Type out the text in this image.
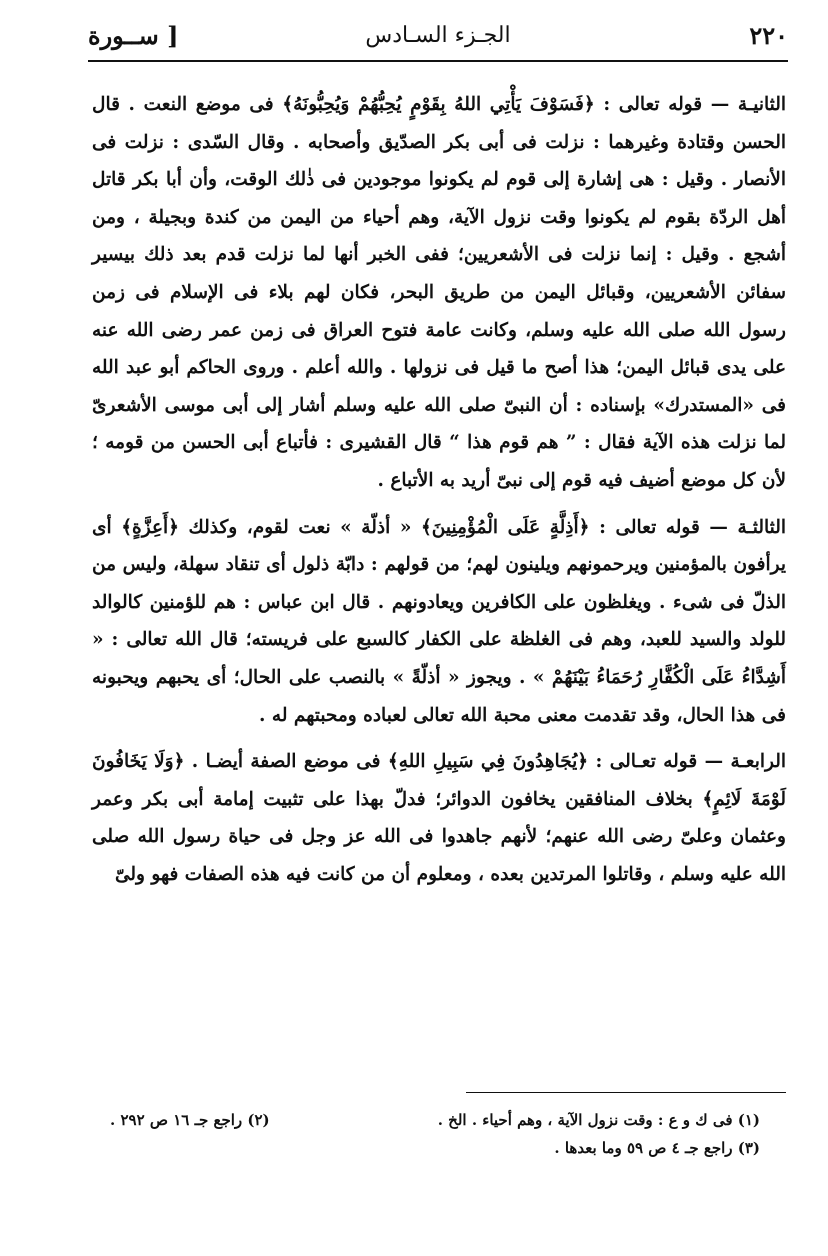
٢٢٠
الجـزء السـادس
[ ســورة

الثانيـة — قوله تعالى : ﴿فَسَوْفَ يَأْتِي اللهُ بِقَوْمٍ يُحِبُّهُمْ وَيُحِبُّونَهُ﴾ فى موضع النعت . قال الحسن وقتادة وغيرهما : نزلت فى أبى بكر الصدّيق وأصحابه . وقال السّدى : نزلت فى الأنصار . وقيل : هى إشارة إلى قوم لم يكونوا موجودين فى ذٰلك الوقت، وأن أبا بكر قاتل أهل الردّة بقوم لم يكونوا وقت نزول الآية، وهم أحياء من اليمن من كندة وبجيلة ، ومن أشجع . وقيل : إنما نزلت فى الأشعريين؛ ففى الخبر أنها لما نزلت قدم بعد ذلك بيسير سفائن الأشعريين، وقبائل اليمن من طريق البحر، فكان لهم بلاء فى الإسلام فى زمن رسول الله صلى الله عليه وسلم، وكانت عامة فتوح العراق فى زمن عمر رضى الله عنه على يدى قبائل اليمن؛ هذا أصح ما قيل فى نزولها . والله أعلم . وروى الحاكم أبو عبد الله فى «المستدرك» بإسناده : أن النبىّ صلى الله عليه وسلم أشار إلى أبى موسى الأشعرىّ لما نزلت هذه الآية فقال : ” هم قوم هذا “ قال القشيرى : فأتباع أبى الحسن من قومه ؛ لأن كل موضع أضيف فيه قوم إلى نبىّ أريد به الأتباع .

الثالثـة — قوله تعالى : ﴿أَذِلَّةٍ عَلَى الْمُؤْمِنِينَ﴾ « أذلّة » نعت لقوم، وكذلك ﴿أَعِزَّةٍ﴾ أى يرأفون بالمؤمنين ويرحمونهم ويلينون لهم؛ من قولهم : دابّة ذلول أى تنقاد سهلة، وليس من الذلّ فى شىء . ويغلظون على الكافرين ويعادونهم . قال ابن عباس : هم للؤمنين كالوالد للولد والسيد للعبد، وهم فى الغلظة على الكفار كالسبع على فريسته؛ قال الله تعالى : « أَشِدَّاءُ عَلَى الْكُفَّارِ رُحَمَاءُ بَيْنَهُمْ » . ويجوز « أذلّةً » بالنصب على الحال؛ أى يحبهم ويحبونه فى هذا الحال، وقد تقدمت معنى محبة الله تعالى لعباده ومحبتهم له .

الرابعـة — قوله تعـالى : ﴿يُجَاهِدُونَ فِي سَبِيلِ اللهِ﴾ فى موضع الصفة أيضـا . ﴿وَلَا يَخَافُونَ لَوْمَةَ لَائِمٍ﴾ بخلاف المنافقين يخافون الدوائر؛ فدلّ بهذا على تثبيت إمامة أبى بكر وعمر وعثمان وعلىّ رضى الله عنهم؛ لأنهم جاهدوا فى الله عز وجل فى حياة رسول الله صلى الله عليه وسلم ، وقاتلوا المرتدين بعده ، ومعلوم أن من كانت فيه هذه الصفات فهو ولىّ

(١) فى ك و ع : وقت نزول الآية ، وهم أحياء . الخ .
(٢) راجع جـ ١٦ ص ٢٩٢ .
(٣) راجع جـ ٤ ص ٥٩ وما بعدها .
